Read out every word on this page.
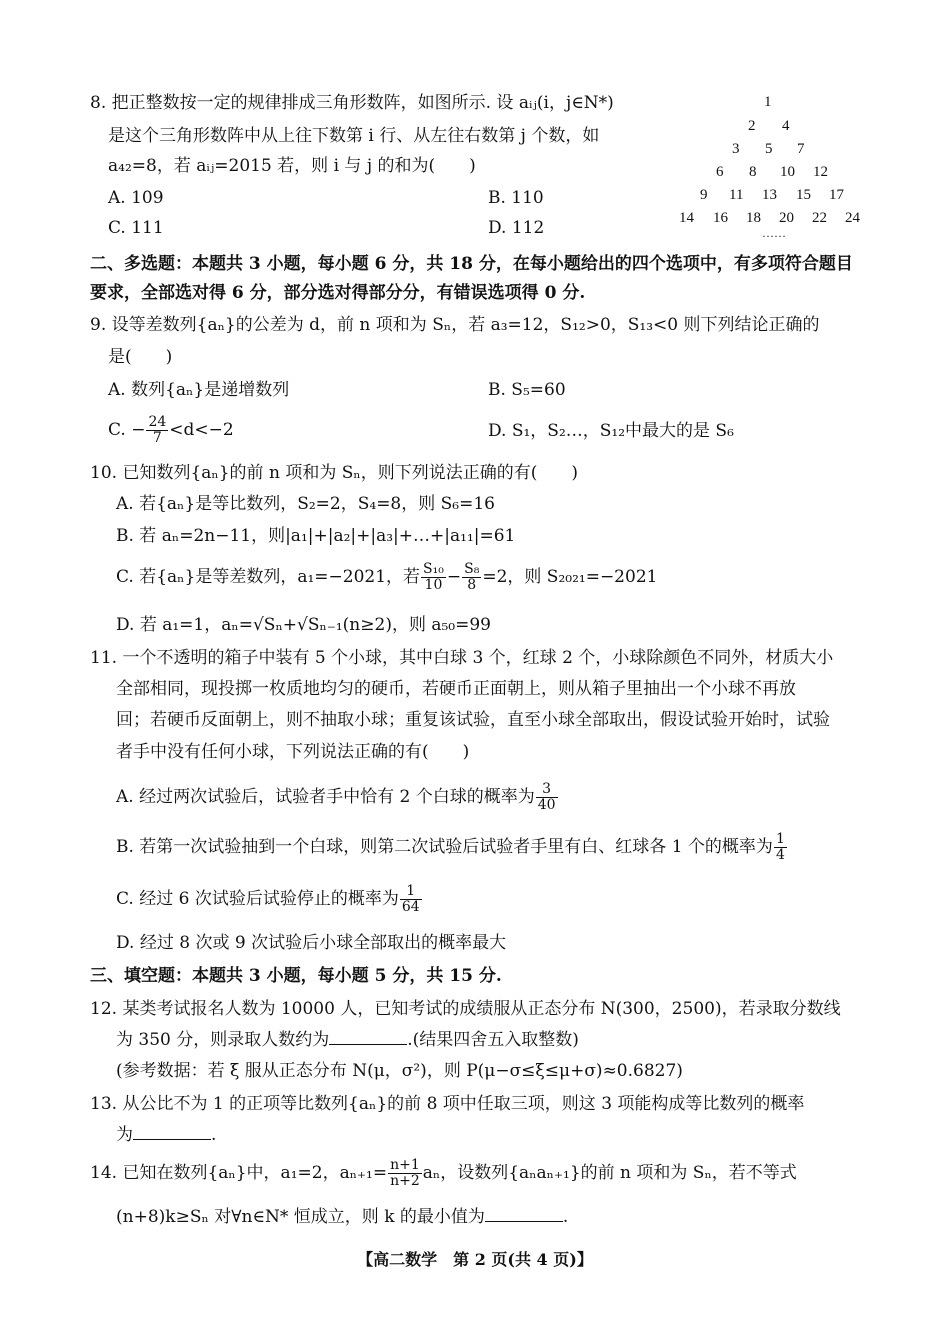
8. 把正整数按一定的规律排成三角形数阵，如图所示. 设 aᵢⱼ(i，j∈N*)
是这个三角形数阵中从上往下数第 i 行、从左往右数第 j 个数，如
a₄₂=8，若 aᵢⱼ=2015 若，则 i 与 j 的和为(　　)
A. 109	B. 110
C. 111	D. 112
1
2 4
3 5 7
6 8 10 12
9 11 13 15 17
14 16 18 20 22 24
……
二、多选题：本题共 3 小题，每小题 6 分，共 18 分，在每小题给出的四个选项中，有多项符合题目
要求，全部选对得 6 分，部分选对得部分分，有错误选项得 0 分.
9. 设等差数列{aₙ}的公差为 d，前 n 项和为 Sₙ，若 a₃=12，S₁₂>0，S₁₃<0 则下列结论正确的
是(　　)
A. 数列{aₙ}是递增数列	B. S₅=60
C. − $\frac{24}{7} <d<-2$	D. S₁，S₂…，S₁₂中最大的是 S₆
10. 已知数列{aₙ}的前 n 项和为 Sₙ，则下列说法正确的有(　　)
A. 若{aₙ}是等比数列，S₂=2，S₄=8，则 S₆=16
B. 若 aₙ=2n−11，则|a₁|+|a₂|+|a₃|+…+|a₁₁|=61
C. 若{aₙ}是等差数列，a₁=−2021，若 $\frac{\text{S₁₀}}{10} - \frac{\text{S₈}}{8} =2$，则 S₂₀₂₁=−2021
D. 若 a₁=1，aₙ=√Sₙ+√Sₙ₋₁(n≥2)，则 a₅₀=99
11. 一个不透明的箱子中装有 5 个小球，其中白球 3 个，红球 2 个，小球除颜色不同外，材质大小
全部相同，现投掷一枚质地均匀的硬币，若硬币正面朝上，则从箱子里抽出一个小球不再放
回；若硬币反面朝上，则不抽取小球；重复该试验，直至小球全部取出，假设试验开始时，试验
者手中没有任何小球，下列说法正确的有(　　)
A. 经过两次试验后，试验者手中恰有 2 个白球的概率为 $\frac{3}{40}$
B. 若第一次试验抽到一个白球，则第二次试验后试验者手里有白、红球各 1 个的概率为 $\frac{1}{4}$
C. 经过 6 次试验后试验停止的概率为 $\frac{1}{64}$
D. 经过 8 次或 9 次试验后小球全部取出的概率最大
三、填空题：本题共 3 小题，每小题 5 分，共 15 分.
12. 某类考试报名人数为 10000 人，已知考试的成绩服从正态分布 N(300，2500)，若录取分数线
为 350 分，则录取人数约为	.(结果四舍五入取整数)
(参考数据：若 ξ 服从正态分布 N(μ，σ²)，则 P(μ−σ≤ξ≤μ+σ)≈0.6827)
13. 从公比不为 1 的正项等比数列{aₙ}的前 8 项中任取三项，则这 3 项能构成等比数列的概率
为	.
14. 已知在数列{aₙ}中，a₁=2，$a_{n+1}= \frac{n+1}{n+2}$ aₙ，设数列{aₙaₙ₊₁}的前 n 项和为 Sₙ，若不等式
(n+8)k≥Sₙ 对∀n∈N* 恒成立，则 k 的最小值为	.
【高二数学　第 2 页(共 4 页)】
